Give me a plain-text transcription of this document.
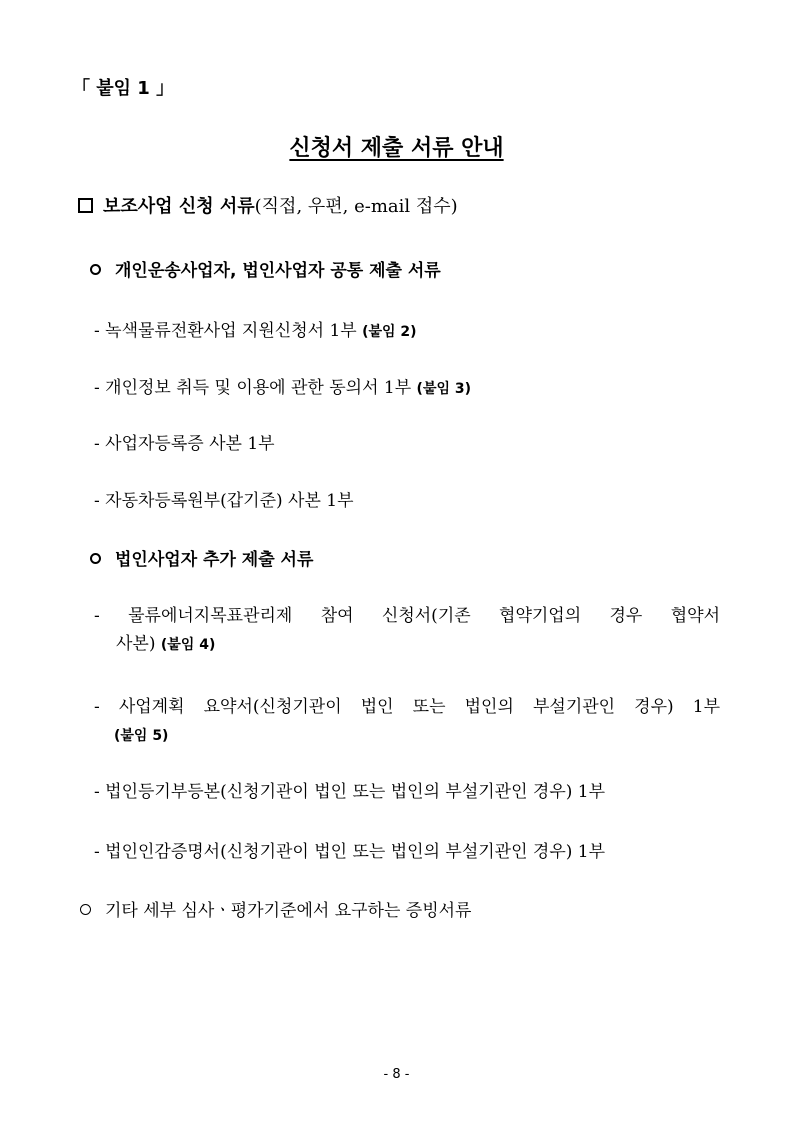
「 붙임 1 」
신청서 제출 서류 안내
보조사업 신청 서류(직접, 우편, e-mail 접수)
개인운송사업자, 법인사업자 공통 제출 서류
- 녹색물류전환사업 지원신청서 1부 (붙임 2)
- 개인정보 취득 및 이용에 관한 동의서 1부 (붙임 3)
- 사업자등록증 사본 1부
- 자동차등록원부(갑기준) 사본 1부
법인사업자 추가 제출 서류
- 물류에너지목표관리제 참여 신청서(기존 협약기업의 경우 협약서
사본) (붙임 4)
- 사업계획 요약서(신청기관이 법인 또는 법인의 부설기관인 경우) 1부
(붙임 5)
- 법인등기부등본(신청기관이 법인 또는 법인의 부설기관인 경우) 1부
- 법인인감증명서(신청기관이 법인 또는 법인의 부설기관인 경우) 1부
기타 세부 심사ㆍ평가기준에서 요구하는 증빙서류
- 8 -
